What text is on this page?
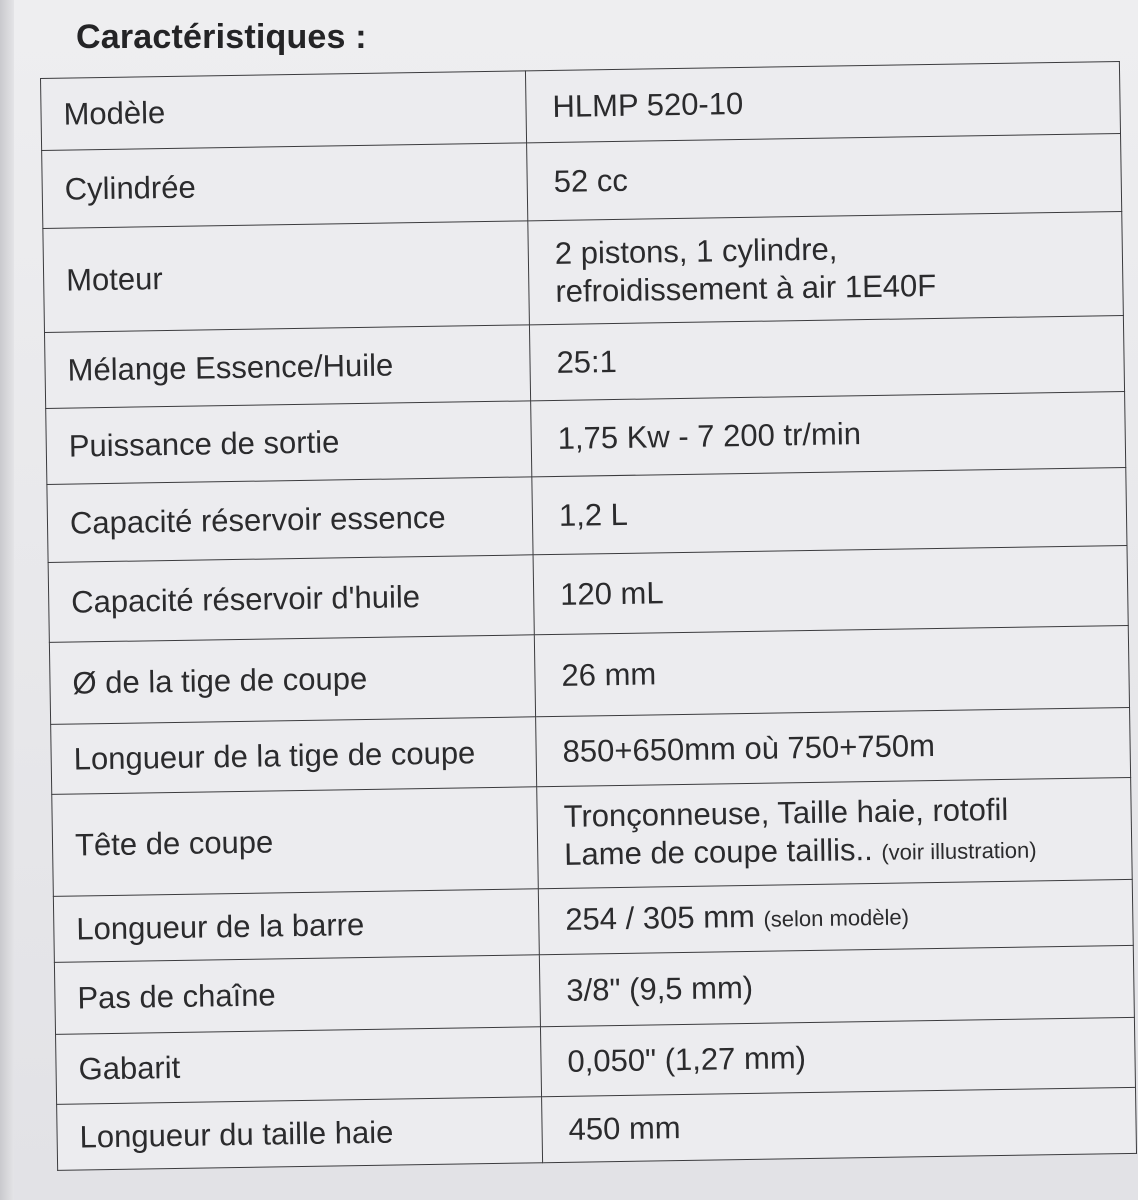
Caractéristiques :
Modèle	HLMP 520-10
Cylindrée	52 cc
Moteur	2 pistons, 1 cylindre,
refroidissement à air 1E40F

Mélange Essence/Huile	25:1
Puissance de sortie	1,75 Kw - 7 200 tr/min
Capacité réservoir essence	1,2 L
Capacité réservoir d'huile	120 mL
Ø de la tige de coupe	26 mm
Longueur de la tige de coupe	850+650mm où 750+750m
Tête de coupe	Tronçonneuse, Taille haie, rotofil
Lame de coupe taillis.. (voir illustration)

Longueur de la barre	254 / 305 mm (selon modèle)
Pas de chaîne	3/8" (9,5 mm)
Gabarit	0,050" (1,27 mm)
Longueur du taille haie	450 mm
